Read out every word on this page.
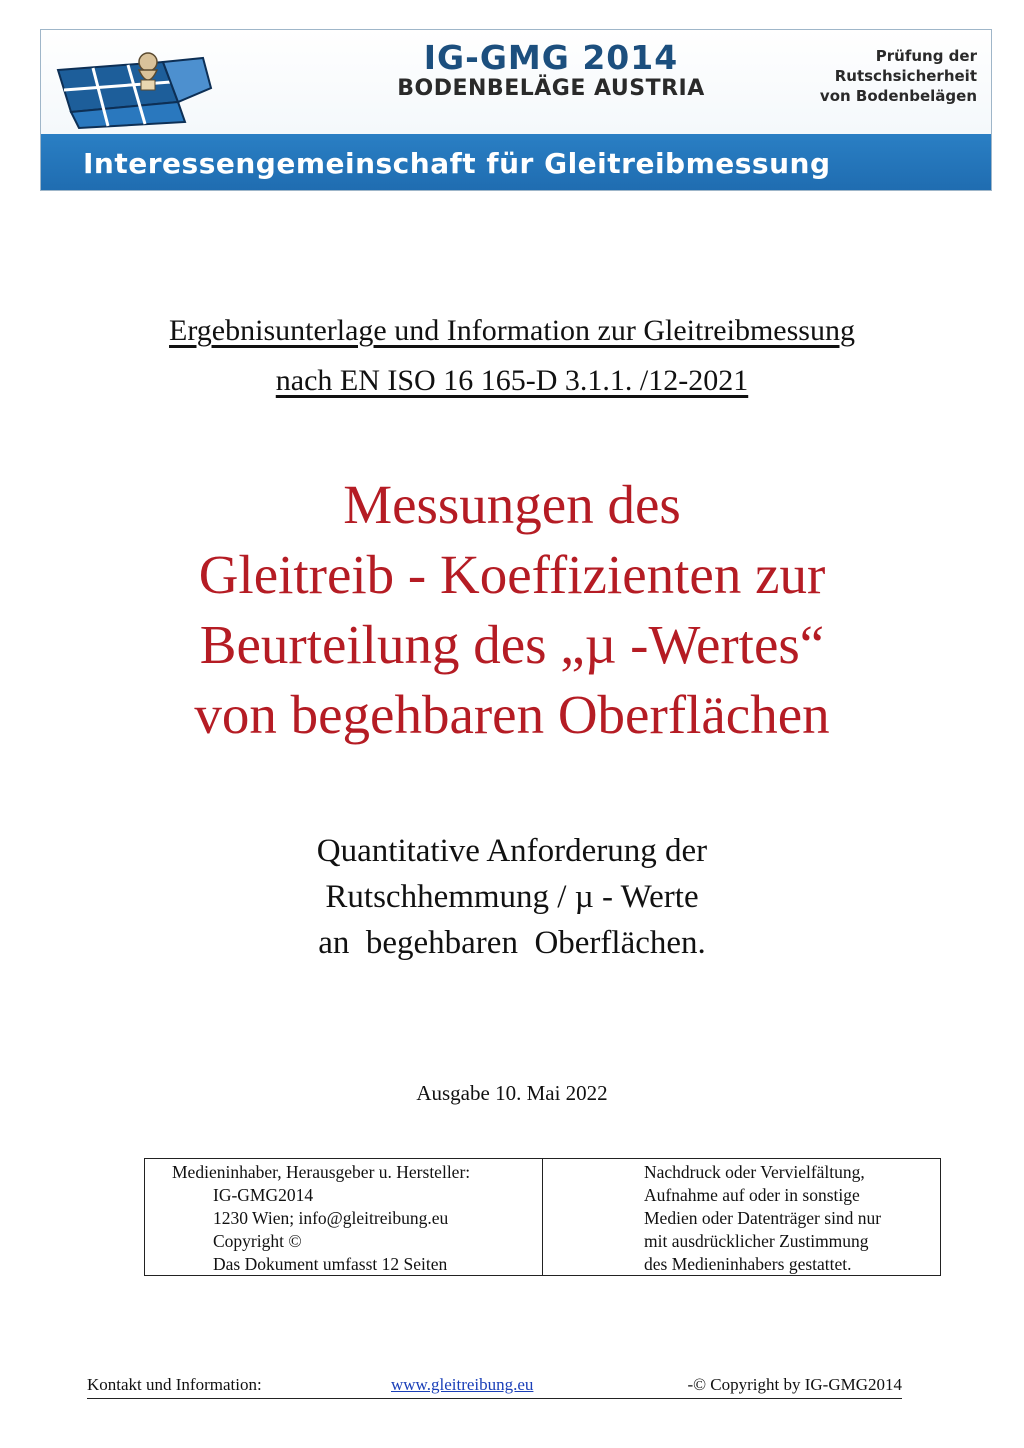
IG-GMG 2014
BODENBELÄGE AUSTRIA
Prüfung der
Rutschsicherheit
von Bodenbelägen
Interessengemeinschaft für Gleitreibmessung
Ergebnisunterlage und Information zur Gleitreibmessung
nach EN ISO 16 165-D 3.1.1. /12-2021
Messungen des
Gleitreib - Koeffizienten zur
Beurteilung des „µ -Wertes“
von begehbaren Oberflächen
Quantitative Anforderung der
Rutschhemmung / µ - Werte
an  begehbaren  Oberflächen.
Ausgabe 10. Mai 2022
Medieninhaber, Herausgeber u. Hersteller:
IG-GMG2014
1230 Wien; info@gleitreibung.eu
Copyright ©
Das Dokument umfasst 12 Seiten
Nachdruck oder Vervielfältung,
Aufnahme auf oder in sonstige
Medien oder Datenträger sind nur
mit ausdrücklicher Zustimmung
des Medieninhabers gestattet.
Kontakt und Information:	www.gleitreibung.eu	-© Copyright by IG-GMG2014
